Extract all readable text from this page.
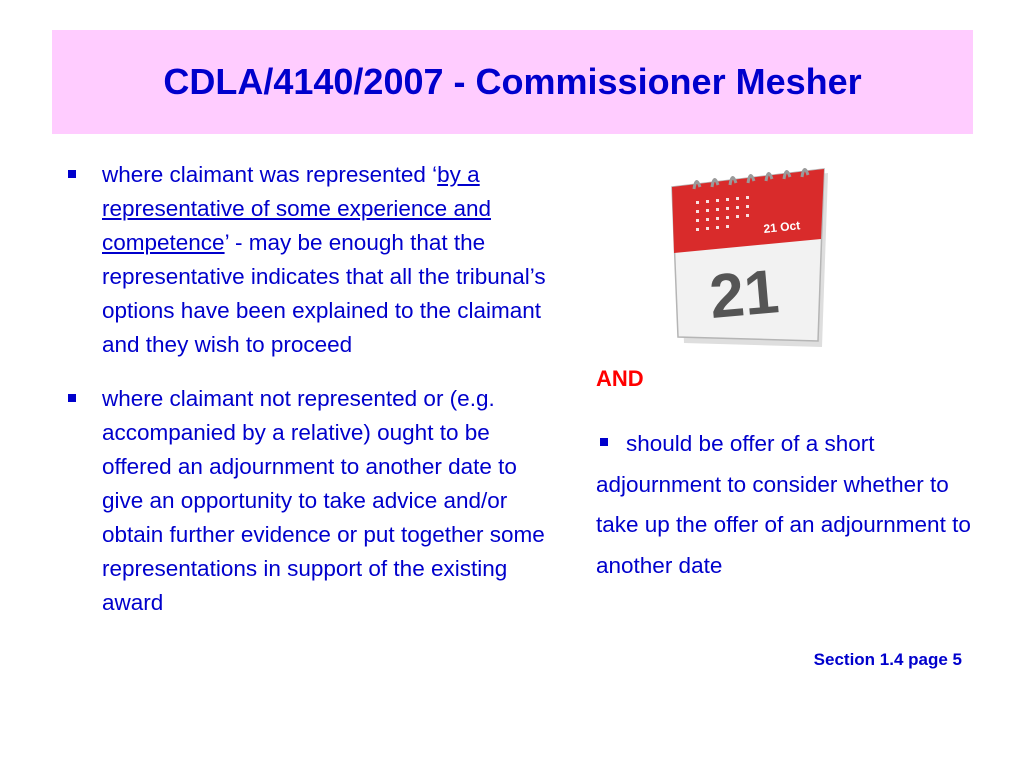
CDLA/4140/2007 - Commissioner Mesher
where claimant was represented ‘by a representative of some experience and competence’ - may be enough that the representative indicates that all the tribunal’s options have been explained to the claimant and they wish to proceed
where claimant not represented or (e.g. accompanied by a relative) ought to be offered an adjournment to another date to give an opportunity to take advice and/or obtain further evidence or put together some representations in support of the existing award
21 Oct
21
AND
should be offer of a short adjournment to consider whether to take up the offer of an adjournment to another date
Section 1.4 page 5
